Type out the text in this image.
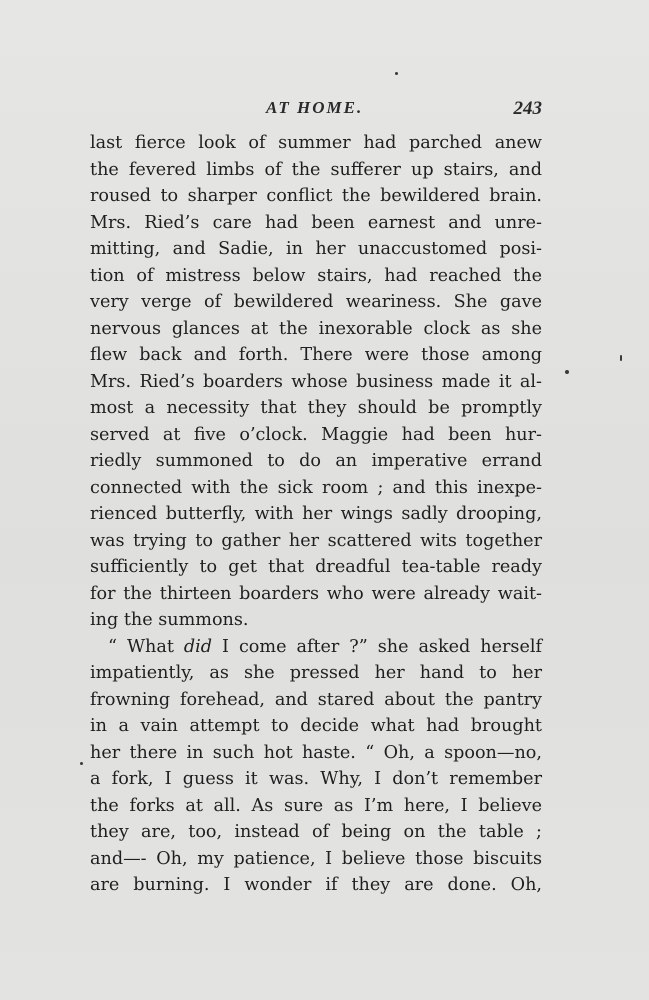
AT HOME.	243
last fierce look of summer had parched anew
the fevered limbs of the sufferer up stairs, and
roused to sharper conflict the bewildered brain.
Mrs. Ried’s care had been earnest and unre-
mitting, and Sadie, in her unaccustomed posi-
tion of mistress below stairs, had reached the
very verge of bewildered weariness. She gave
nervous glances at the inexorable clock as she
flew back and forth. There were those among
Mrs. Ried’s boarders whose business made it al-
most a necessity that they should be promptly
served at five o’clock. Maggie had been hur-
riedly summoned to do an imperative errand
connected with the sick room ; and this inexpe-
rienced butterfly, with her wings sadly drooping,
was trying to gather her scattered wits together
sufficiently to get that dreadful tea-table ready
for the thirteen boarders who were already wait-
ing the summons.
“ What did I come after ?” she asked herself
impatiently, as she pressed her hand to her
frowning forehead, and stared about the pantry
in a vain attempt to decide what had brought
her there in such hot haste. “ Oh, a spoon—no,
a fork, I guess it was. Why, I don’t remember
the forks at all. As sure as I’m here, I believe
they are, too, instead of being on the table ;
and—- Oh, my patience, I believe those biscuits
are burning. I wonder if they are done. Oh,
